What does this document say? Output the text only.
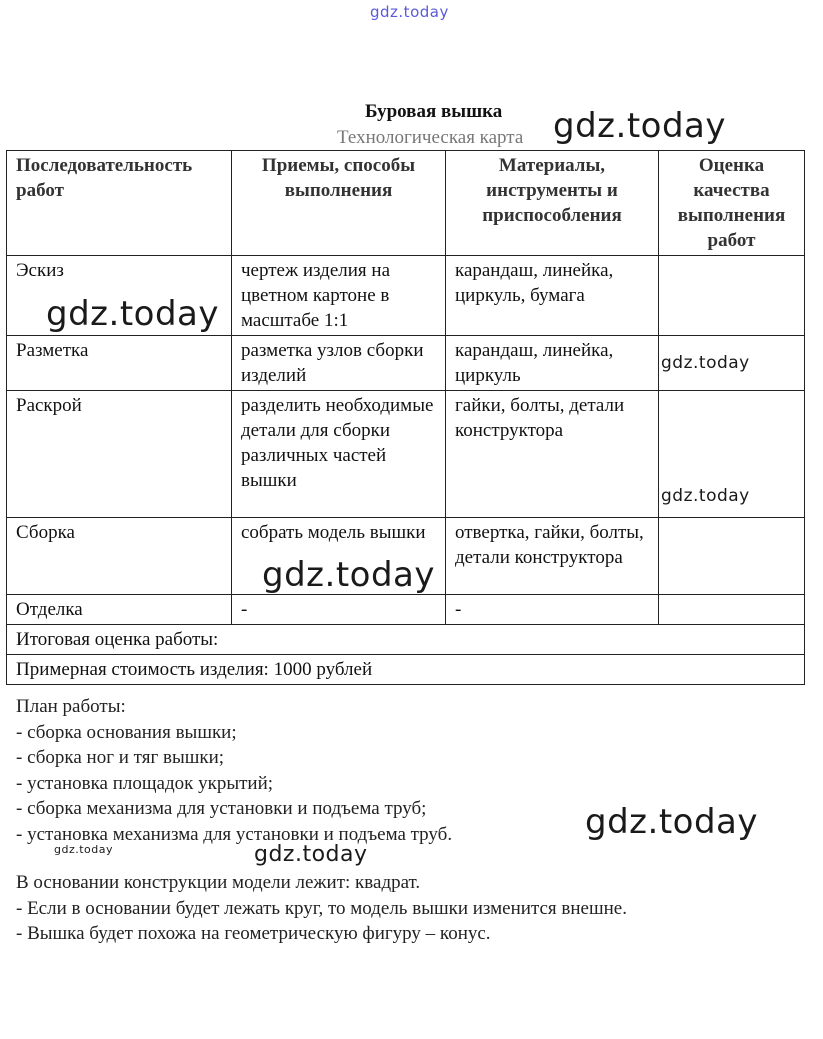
gdz.today
Буровая вышка
Технологическая карта
Последовательность работ	Приемы, способы выполнения	Материалы, инструменты и приспособления	Оценка качества выполнения работ
Эскиз	чертеж изделия на цветном картоне в масштабе 1:1	карандаш, линейка, циркуль, бумага	
Разметка	разметка узлов сборки изделий	карандаш, линейка, циркуль	
Раскрой	разделить необходимые детали для сборки различных частей вышки	гайки, болты, детали конструктора	
Сборка	собрать модель вышки	отвертка, гайки, болты, детали конструктора	
Отделка	-	-	
Итоговая оценка работы:			
Примерная стоимость изделия: 1000 рублей			
План работы:
- сборка основания вышки;
- сборка ног и тяг вышки;
- установка площадок укрытий;
- сборка механизма для установки и подъема труб;
- установка механизма для установки и подъема труб.
В основании конструкции модели лежит: квадрат.
- Если в основании будет лежать круг, то модель вышки изменится внешне.
- Вышка будет похожа на геометрическую фигуру – конус.
gdz.today
gdz.today
gdz.today
gdz.today
gdz.today
gdz.today
gdz.today
gdz.today
